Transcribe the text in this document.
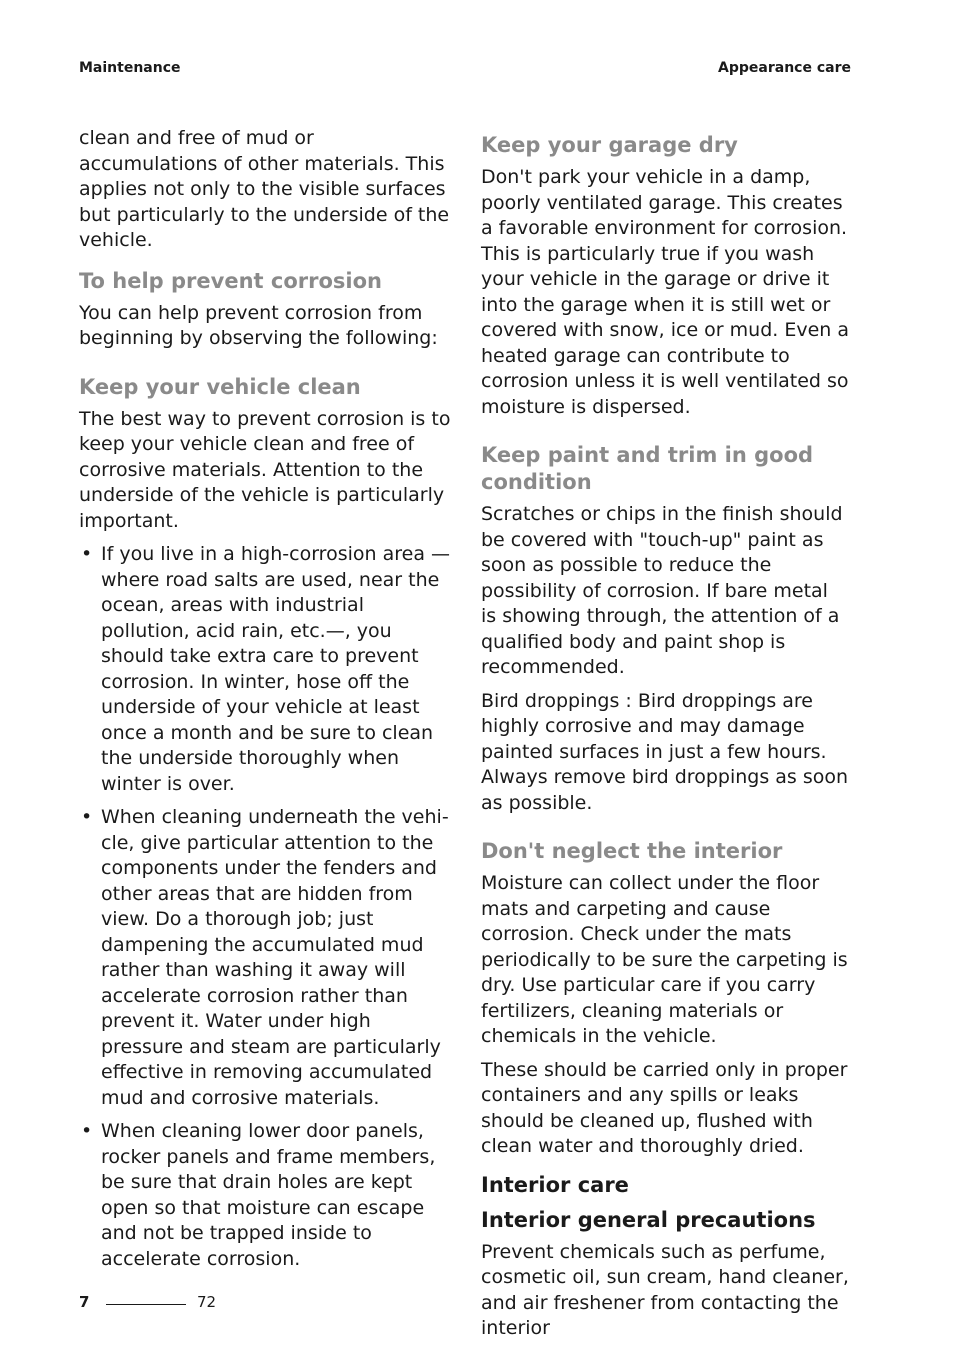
Maintenance	Appearance care

clean and free of mud or accumulations of other materials. This applies not only to the visible surfaces but particularly to the underside of the vehicle.

To help prevent corrosion

You can help prevent corrosion from beginning by observing the following:

Keep your vehicle clean

The best way to prevent corrosion is to keep your vehicle clean and free of corrosive materials. Attention to the underside of the vehicle is particularly important.

• If you live in a high-corrosion area — where road salts are used, near the ocean, areas with industrial pollution, acid rain, etc.—, you should take extra care to prevent corrosion. In winter, hose off the underside of your vehicle at least once a month and be sure to clean the underside thoroughly when winter is over.
• When cleaning underneath the vehicle, give particular attention to the components under the fenders and other areas that are hidden from view. Do a thorough job; just dampening the accumulated mud rather than washing it away will accelerate corrosion rather than prevent it. Water under high pressure and steam are particularly effective in removing accumulated mud and corrosive materials.
• When cleaning lower door panels, rocker panels and frame members, be sure that drain holes are kept open so that moisture can escape and not be trapped inside to accelerate corrosion.
Keep your garage dry

Don't park your vehicle in a damp, poorly ventilated garage. This creates a favorable environment for corrosion. This is particularly true if you wash your vehicle in the garage or drive it into the garage when it is still wet or covered with snow, ice or mud. Even a heated garage can contribute to corrosion unless it is well ventilated so moisture is dispersed.

Keep paint and trim in good condition

Scratches or chips in the finish should be covered with "touch-up" paint as soon as possible to reduce the possibility of corrosion. If bare metal is showing through, the attention of a qualified body and paint shop is recommended.

Bird droppings : Bird droppings are highly corrosive and may damage painted surfaces in just a few hours. Always remove bird droppings as soon as possible.

Don't neglect the interior

Moisture can collect under the floor mats and carpeting and cause corrosion. Check under the mats periodically to be sure the carpeting is dry. Use particular care if you carry fertilizers, cleaning materials or chemicals in the vehicle.

These should be carried only in proper containers and any spills or leaks should be cleaned up, flushed with clean water and thoroughly dried.

Interior care
Interior general precautions

Prevent chemicals such as perfume, cosmetic oil, sun cream, hand cleaner, and air freshener from contacting the interior

7	72
